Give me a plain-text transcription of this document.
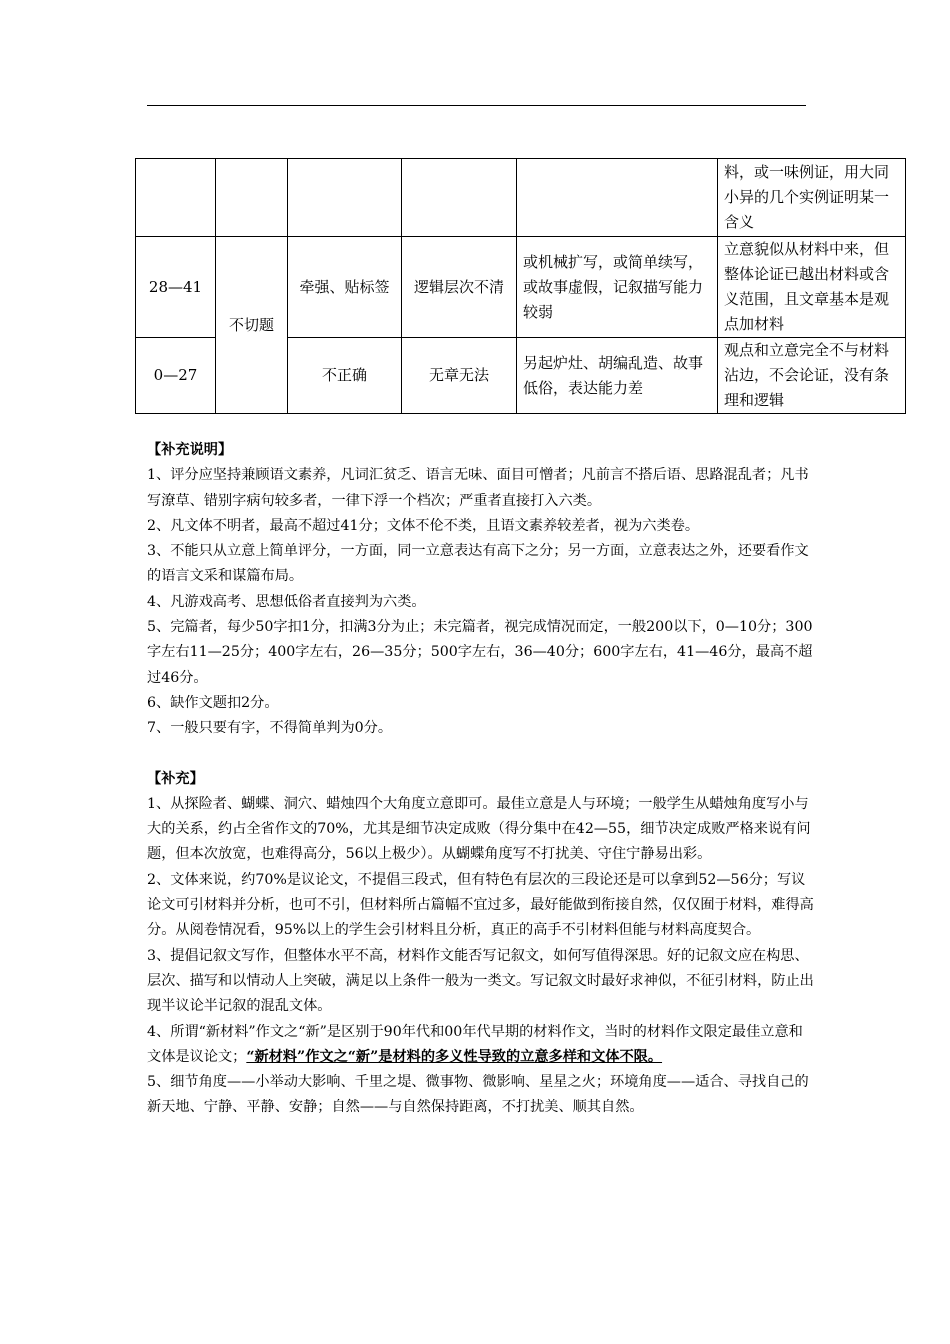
					料，或一味例证，用大同小异的几个实例证明某一含义
28—41	不切题	牵强、贴标签	逻辑层次不清	或机械扩写，或简单续写，或故事虚假，记叙描写能力较弱	立意貌似从材料中来，但整体论证已越出材料或含义范围，且文章基本是观点加材料
0—27		不正确	无章无法	另起炉灶、胡编乱造、故事低俗，表达能力差	观点和立意完全不与材料沾边，不会论证，没有条理和逻辑

【补充说明】

1、评分应坚持兼顾语文素养，凡词汇贫乏、语言无味、面目可憎者；凡前言不搭后语、思路混乱者；凡书写潦草、错别字病句较多者，一律下浮一个档次；严重者直接打入六类。

2、凡文体不明者，最高不超过41分；文体不伦不类，且语文素养较差者，视为六类卷。

3、不能只从立意上简单评分，一方面，同一立意表达有高下之分；另一方面，立意表达之外，还要看作文的语言文采和谋篇布局。

4、凡游戏高考、思想低俗者直接判为六类。

5、完篇者，每少50字扣1分，扣满3分为止；未完篇者，视完成情况而定，一般200以下，0—10分；300字左右11—25分；400字左右，26—35分；500字左右，36—40分；600字左右，41—46分，最高不超过46分。

6、缺作文题扣2分。

7、一般只要有字，不得简单判为0分。

【补充】

1、从探险者、蝴蝶、洞穴、蜡烛四个大角度立意即可。最佳立意是人与环境；一般学生从蜡烛角度写小与大的关系，约占全省作文的70%，尤其是细节决定成败（得分集中在42—55，细节决定成败严格来说有问题，但本次放宽，也难得高分，56以上极少）。从蝴蝶角度写不打扰美、守住宁静易出彩。

2、文体来说，约70%是议论文，不提倡三段式，但有特色有层次的三段论还是可以拿到52—56分；写议论文可引材料并分析，也可不引，但材料所占篇幅不宜过多，最好能做到衔接自然，仅仅囿于材料，难得高分。从阅卷情况看，95%以上的学生会引材料且分析，真正的高手不引材料但能与材料高度契合。

3、提倡记叙文写作，但整体水平不高，材料作文能否写记叙文，如何写值得深思。好的记叙文应在构思、层次、描写和以情动人上突破，满足以上条件一般为一类文。写记叙文时最好求神似，不征引材料，防止出现半议论半记叙的混乱文体。

4、所谓“新材料”作文之“新”是区别于90年代和00年代早期的材料作文，当时的材料作文限定最佳立意和文体是议论文；“新材料”作文之“新”是材料的多义性导致的立意多样和文体不限。

5、细节角度——小举动大影响、千里之堤、微事物、微影响、星星之火；环境角度——适合、寻找自己的新天地、宁静、平静、安静；自然——与自然保持距离，不打扰美、顺其自然。
